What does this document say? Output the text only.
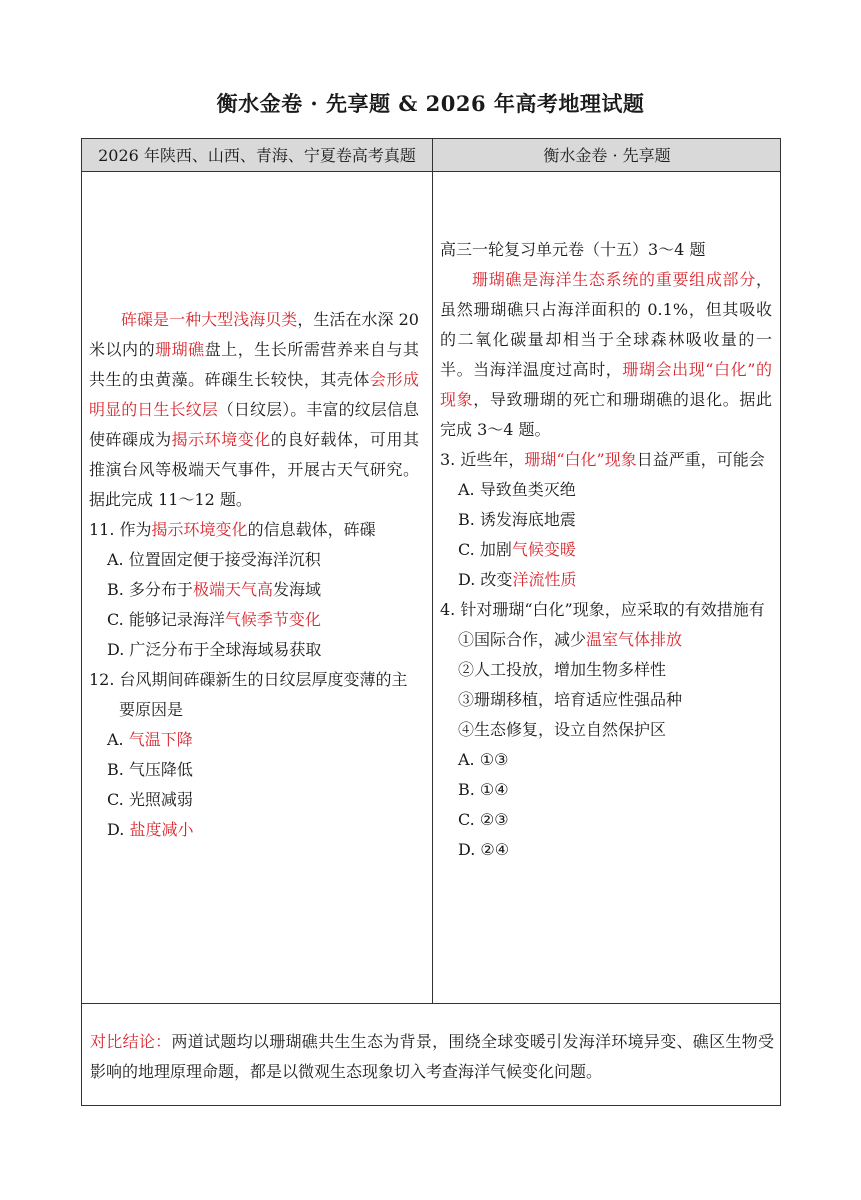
衡水金卷 · 先享题 & 2026 年高考地理试题
2026 年陕西、山西、青海、宁夏卷高考真题	衡水金卷 · 先享题

砗磲是一种大型浅海贝类，生活在水深 20 米以内的珊瑚礁盘上，生长所需营养来自与其共生的虫黄藻。砗磲生长较快，其壳体会形成明显的日生长纹层（日纹层）。丰富的纹层信息使砗磲成为揭示环境变化的良好载体，可用其推演台风等极端天气事件，开展古天气研究。据此完成 11～12 题。

11. 作为揭示环境变化的信息载体，砗磲

A. 位置固定便于接受海洋沉积
B. 多分布于极端天气高发海域
C. 能够记录海洋气候季节变化
D. 广泛分布于全球海域易获取

12. 台风期间砗磲新生的日纹层厚度变薄的主要原因是

A. 气温下降
B. 气压降低
C. 光照减弱
D. 盐度减小

高三一轮复习单元卷（十五）3～4 题

珊瑚礁是海洋生态系统的重要组成部分，虽然珊瑚礁只占海洋面积的 0.1%，但其吸收的二氧化碳量却相当于全球森林吸收量的一半。当海洋温度过高时，珊瑚会出现“白化”的现象，导致珊瑚的死亡和珊瑚礁的退化。据此完成 3～4 题。

3. 近些年，珊瑚“白化”现象日益严重，可能会

A. 导致鱼类灭绝
B. 诱发海底地震
C. 加剧气候变暖
D. 改变洋流性质

4. 针对珊瑚“白化”现象，应采取的有效措施有

①国际合作，减少温室气体排放
②人工投放，增加生物多样性
③珊瑚移植，培育适应性强品种
④生态修复，设立自然保护区
A. ①③
B. ①④
C. ②③
D. ②④
对比结论：两道试题均以珊瑚礁共生生态为背景，围绕全球变暖引发海洋环境异变、礁区生物受影响的地理原理命题，都是以微观生态现象切入考查海洋气候变化问题。
